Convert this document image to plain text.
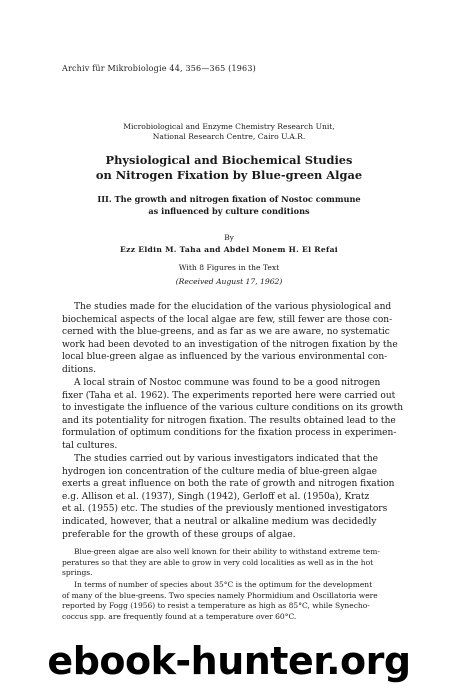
Archiv für Mikrobiologie 44, 356—365 (1963)
Microbiological and Enzyme Chemistry Research Unit,
National Research Centre, Cairo U.A.R.
Physiological and Biochemical Studies
on Nitrogen Fixation by Blue-green Algae
III. The growth and nitrogen fixation of Nostoc commune
as influenced by culture conditions
By
Ezz Eldin M. Taha and Abdel Monem H. El Refai
With 8 Figures in the Text
(Received August 17, 1962)
The studies made for the elucidation of the various physiological and
biochemical aspects of the local algae are few, still fewer are those con-
cerned with the blue-greens, and as far as we are aware, no systematic
work had been devoted to an investigation of the nitrogen fixation by the
local blue-green algae as influenced by the various environmental con-
ditions.
A local strain of Nostoc commune was found to be a good nitrogen
fixer (Taha et al. 1962). The experiments reported here were carried out
to investigate the influence of the various culture conditions on its growth
and its potentiality for nitrogen fixation. The results obtained lead to the
formulation of optimum conditions for the fixation process in experimen-
tal cultures.
The studies carried out by various investigators indicated that the
hydrogen ion concentration of the culture media of blue-green algae
exerts a great influence on both the rate of growth and nitrogen fixation
e.g. Allison et al. (1937), Singh (1942), Gerloff et al. (1950a), Kratz
et al. (1955) etc. The studies of the previously mentioned investigators
indicated, however, that a neutral or alkaline medium was decidedly
preferable for the growth of these groups of algae.
Blue-green algae are also well known for their ability to withstand extreme tem-
peratures so that they are able to grow in very cold localities as well as in the hot
springs.
In terms of number of species about 35°C is the optimum for the development
of many of the blue-greens. Two species namely Phormidium and Oscillatoria were
reported by Fogg (1956) to resist a temperature as high as 85°C, while Synecho-
coccus spp. are frequently found at a temperature over 60°C.
ebook-hunter.org
